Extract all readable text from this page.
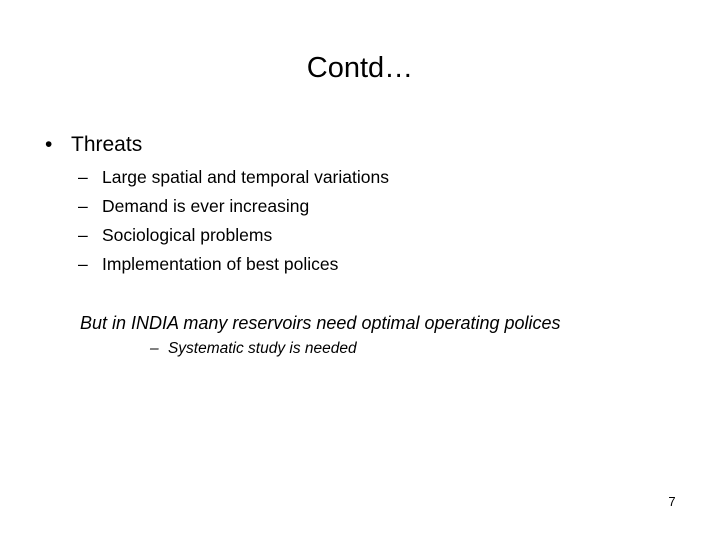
Contd…
• Threats
– Large spatial and temporal variations
– Demand is ever increasing
– Sociological problems
– Implementation of best polices
But in INDIA many reservoirs need optimal operating polices
– Systematic study is needed
7
